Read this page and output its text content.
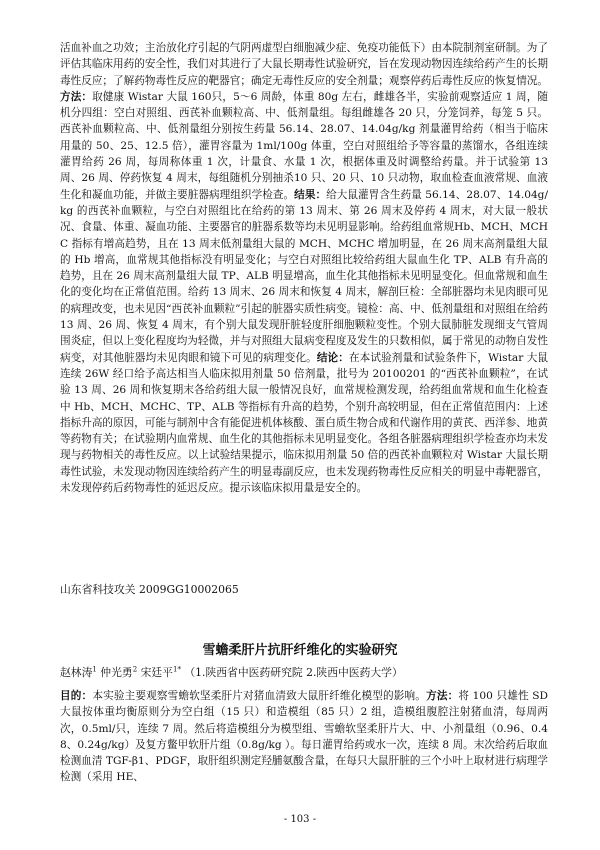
活血补血之功效；主治放化疗引起的气阴两虚型白细胞减少症、免疫功能低下）由本院制剂室研制。为了评估其临床用药的安全性，我们对其进行了大鼠长期毒性试验研究，旨在发现动物因连续给药产生的长期毒性反应；了解药物毒性反应的靶器官；确定无毒性反应的安全剂量；观察停药后毒性反应的恢复情况。方法：取健康 Wistar 大鼠 160只，5～6 周龄，体重 80g 左右，雌雄各半，实验前观察适应 1 周，随机分四组：空白对照组、西芪补血颗粒高、中、低剂量组。每组雌雄各 20 只，分笼饲养，每笼 5 只。西芪补血颗粒高、中、低剂量组分别按生药量 56.14、28.07、14.04g/kg 剂量灌胃给药（相当于临床用量的 50、25、12.5 倍），灌胃容量为 1ml/100g 体重，空白对照组给予等容量的蒸馏水，各组连续灌胃给药 26 周，每周称体重 1 次，计量食、水量 1 次，根据体重及时调整给药量。并于试验第 13 周、26 周、停药恢复 4 周末，每组随机分别抽杀10 只、20 只、10 只动物，取血检查血液常规、血液生化和凝血功能，并做主要脏器病理组织学检查。结果：给大鼠灌胃含生药量 56.14、28.07、14.04g/kg 的西芪补血颗粒，与空白对照组比在给药的第 13 周末、第 26 周末及停药 4 周末，对大鼠一般状况、食量、体重、凝血功能、主要器官的脏器系数等均未见明显影响。给药组血常规Hb、MCH、MCHC 指标有增高趋势，且在 13 周末低剂量组大鼠的 MCH、MCHC 增加明显，在 26 周末高剂量组大鼠的 Hb 增高，血常规其他指标没有明显变化；与空白对照组比较给药组大鼠血生化 TP、ALB 有升高的趋势，且在 26 周末高剂量组大鼠 TP、ALB 明显增高，血生化其他指标未见明显变化。但血常规和血生化的变化均在正常值范围。给药 13 周末、26 周末和恢复 4 周末，解剖巨检：全部脏器均未见肉眼可见的病理改变，也未见因“西芪补血颗粒”引起的脏器实质性病变。镜检：高、中、低剂量组和对照组在给药 13 周、26 周、恢复 4 周末，有个别大鼠发现肝脏轻度肝细胞颗粒变性。个别大鼠肺脏发现细支气管周围炎症，但以上变化程度均为轻微，并与对照组大鼠病变程度及发生的只数相似，属于常见的动物自发性病变，对其他脏器均未见肉眼和镜下可见的病理变化。结论：在本试验剂量和试验条件下，Wistar 大鼠连续 26W 经口给予高达相当人临床拟用剂量 50 倍剂量，批号为 20100201 的“西芪补血颗粒”，在试验 13 周、26 周和恢复期末各给药组大鼠一般情况良好，血常规检测发现，给药组血常规和血生化检查中 Hb、MCH、MCHC、TP、ALB 等指标有升高的趋势，个别升高较明显，但在正常值范围内：上述指标升高的原因，可能与制剂中含有能促进机体核酸、蛋白质生物合成和代谢作用的黄芪、西洋参、地黄等药物有关；在试验期内血常规、血生化的其他指标未见明显变化。各组各脏器病理组织学检查亦均未发现与药物相关的毒性反应。以上试验结果提示，临床拟用剂量 50 倍的西芪补血颗粒对 Wistar 大鼠长期毒性试验，未发现动物因连续给药产生的明显毒副反应，也未发现药物毒性反应相关的明显中毒靶器官，未发现停药后药物毒性的延迟反应。提示该临床拟用量是安全的。

山东省科技攻关 2009GG10002065
雪蟾柔肝片抗肝纤维化的实验研究
赵林涛$^1$ 仲光勇$^2$ 宋廷平$^{1*}$ （1.陕西省中医药研究院 2.陕西中医药大学）

目的：本实验主要观察雪蟾软坚柔肝片对猪血清致大鼠肝纤维化模型的影响。方法：将 100 只雄性 SD 大鼠按体重均衡原则分为空白组（15 只）和造模组（85 只）2 组，造模组腹腔注射猪血清，每周两次，0.5ml/只，连续 7 周。然后将造模组分为模型组、雪蟾软坚柔肝片大、中、小剂量组（0.96、0.48、0.24g/kg）及复方鳖甲软肝片组（0.8g/kg ）。每日灌胃给药或水一次，连续 8 周。末次给药后取血检测血清 TGF-β1、PDGF，取肝组织测定羟脯氨酸含量，在每只大鼠肝脏的三个小叶上取材进行病理学检测（采用 HE、

- 103 -
